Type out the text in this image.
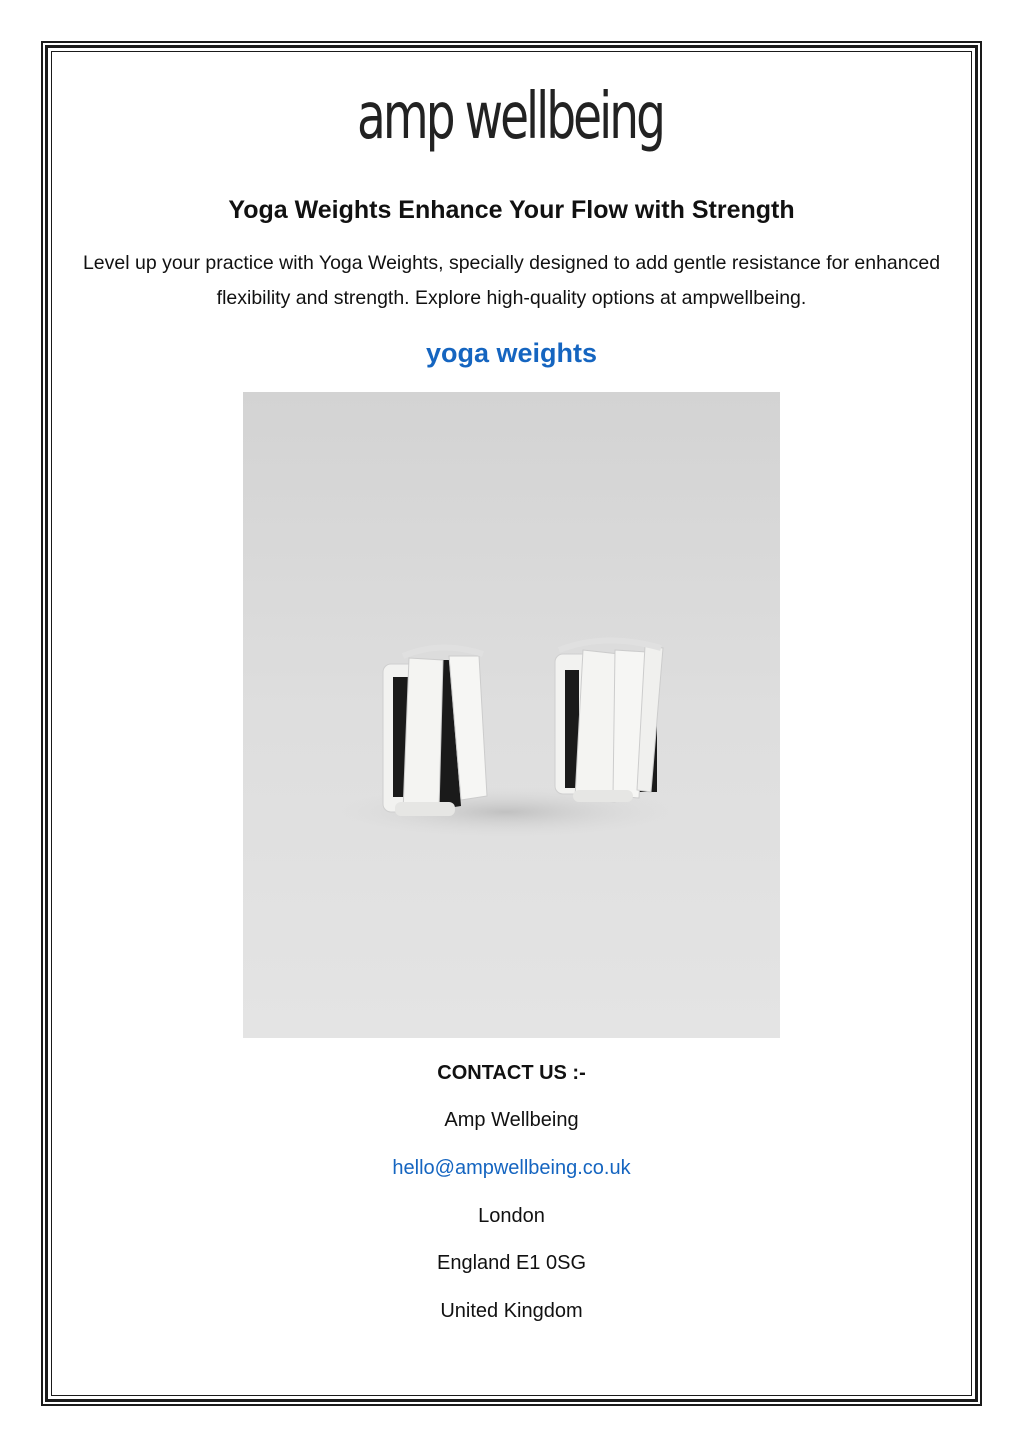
amp wellbeing
Yoga Weights Enhance Your Flow with Strength

Level up your practice with Yoga Weights, specially designed to add gentle resistance for enhanced flexibility and strength. Explore high-quality options at ampwellbeing.

yoga weights
CONTACT US :-
Amp Wellbeing
hello@ampwellbeing.co.uk
London
England E1 0SG
United Kingdom
